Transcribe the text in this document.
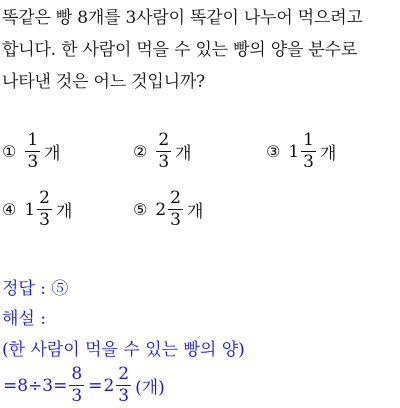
똑같은 빵 8개를 3사람이 똑같이 나누어 먹으려고
합니다. 한 사람이 먹을 수 있는 빵의 양을 분수로
나타낸 것은 어느 것입니까?
① $\frac{1}{3}$ 개	② $\frac{2}{3}$ 개	③ $1 \frac{1}{3}$ 개
④ $1 \frac{2}{3}$ 개	⑤ $2 \frac{2}{3}$ 개
정답 : ⑤
해설 :
(한 사람이 먹을 수 있는 빵의 양)
$=8\div 3= \frac{8}{3} = 2 \frac{2}{3}$ (개)
